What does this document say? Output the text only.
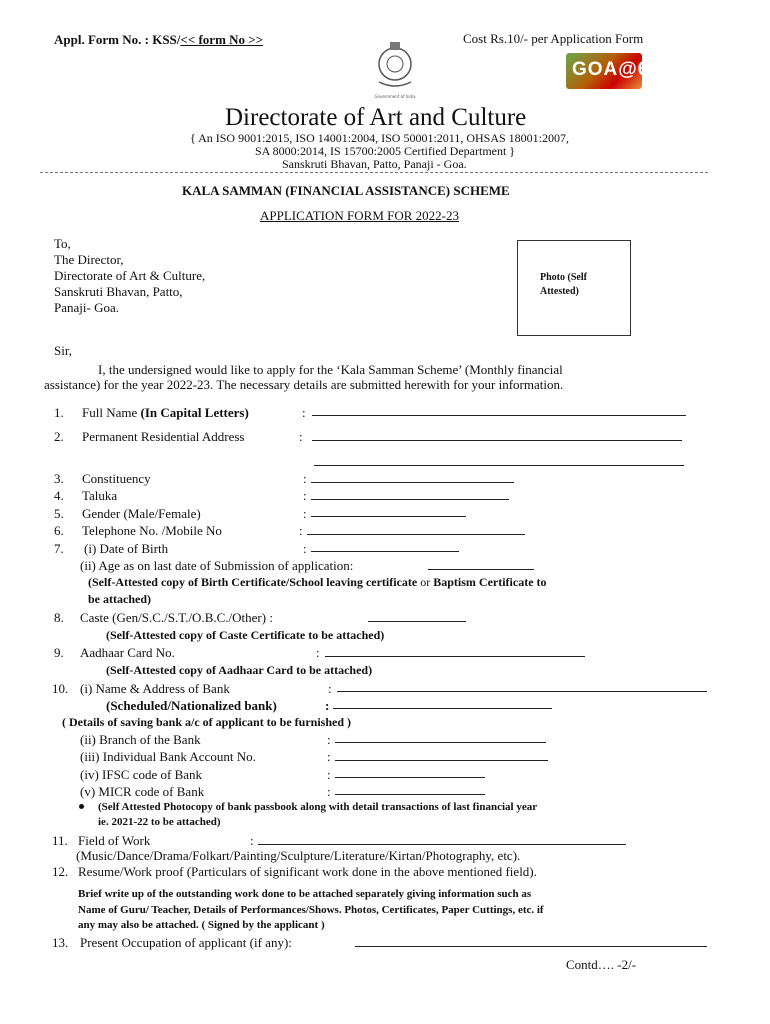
Appl. Form No. : KSS/<< form No >>	Cost Rs.10/- per Application Form
Government of India
GOA@60
Directorate of Art and Culture
{ An ISO 9001:2015, ISO 14001:2004, ISO 50001:2011, OHSAS 18001:2007,
SA 8000:2014, IS 15700:2005 Certified Department }
Sanskruti Bhavan, Patto, Panaji - Goa.
KALA SAMMAN (FINANCIAL ASSISTANCE) SCHEME
APPLICATION FORM FOR 2022-23
To,
The Director,
Directorate of Art & Culture,
Sanskruti Bhavan, Patto,
Panaji- Goa.
Photo (Self Attested)
Sir,
I, the undersigned would like to apply for the ‘Kala Samman Scheme’ (Monthly financial
assistance) for the year 2022-23. The necessary details are submitted herewith for your information.
1. Full Name (In Capital Letters)	:
2. Permanent Residential Address	:
3. Constituency	:
4. Taluka	:
5. Gender (Male/Female)	:
6. Telephone No. /Mobile No	:
7. (i) Date of Birth	:
(ii) Age as on last date of Submission of application:
(Self-Attested copy of Birth Certificate/School leaving certificate or Baptism Certificate to
be attached)
8. Caste (Gen/S.C./S.T./O.B.C./Other) :
(Self-Attested copy of Caste Certificate to be attached)
9. Aadhaar Card No.	:
(Self-Attested copy of Aadhaar Card to be attached)
10. (i) Name & Address of Bank	:
(Scheduled/Nationalized bank)	:
( Details of saving bank a/c of applicant to be furnished )
(ii) Branch of the Bank	:
(iii) Individual Bank Account No.	:
(iv) IFSC code of Bank	:
(v) MICR code of Bank	:
(Self Attested Photocopy of bank passbook along with detail transactions of last financial year
ie. 2021-22 to be attached)
11. Field of Work	:
(Music/Dance/Drama/Folkart/Painting/Sculpture/Literature/Kirtan/Photography, etc).
12. Resume/Work proof (Particulars of significant work done in the above mentioned field).
Brief write up of the outstanding work done to be attached separately giving information such as
Name of Guru/ Teacher, Details of Performances/Shows. Photos, Certificates, Paper Cuttings, etc. if
any may also be attached. ( Signed by the applicant )
13. Present Occupation of applicant (if any):
Contd…. -2/-
